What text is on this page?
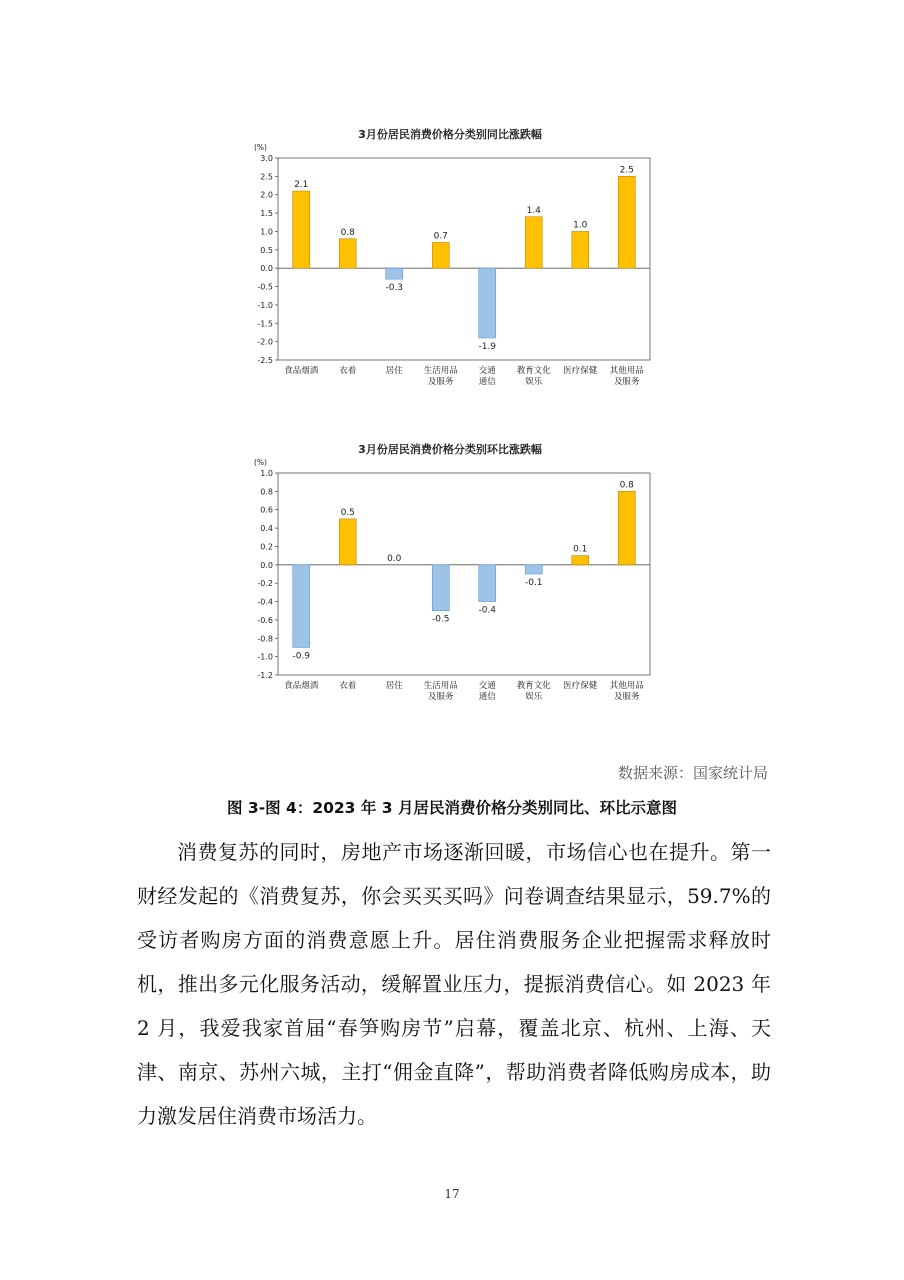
3月份居民消费价格分类别同比涨跌幅
(%)
3.0
2.5
2.0
1.5
1.0
0.5
0.0
-0.5
-1.0
-1.5
-2.0
-2.5
2.1
食品烟酒
0.8
衣着
-0.3
居住
0.7
生活用品及服务
-1.9
交通通信
1.4
教育文化娱乐
1.0
医疗保健
2.5
其他用品及服务
3月份居民消费价格分类别环比涨跌幅
(%)
1.0
0.8
0.6
0.4
0.2
0.0
-0.2
-0.4
-0.6
-0.8
-1.0
-1.2
-0.9
食品烟酒
0.5
衣着
0.0
居住
-0.5
生活用品及服务
-0.4
交通通信
-0.1
教育文化娱乐
0.1
医疗保健
0.8
其他用品及服务
数据来源：国家统计局
图 3-图 4：2023 年 3 月居民消费价格分类别同比、环比示意图

消费复苏的同时，房地产市场逐渐回暖，市场信心也在提升。第一财经发起的《消费复苏，你会买买买吗》问卷调查结果显示，59.7%的受访者购房方面的消费意愿上升。居住消费服务企业把握需求释放时机，推出多元化服务活动，缓解置业压力，提振消费信心。如 2023 年 2 月，我爱我家首届“春笋购房节”启幕，覆盖北京、杭州、上海、天津、南京、苏州六城，主打“佣金直降”，帮助消费者降低购房成本，助力激发居住消费市场活力。

17
